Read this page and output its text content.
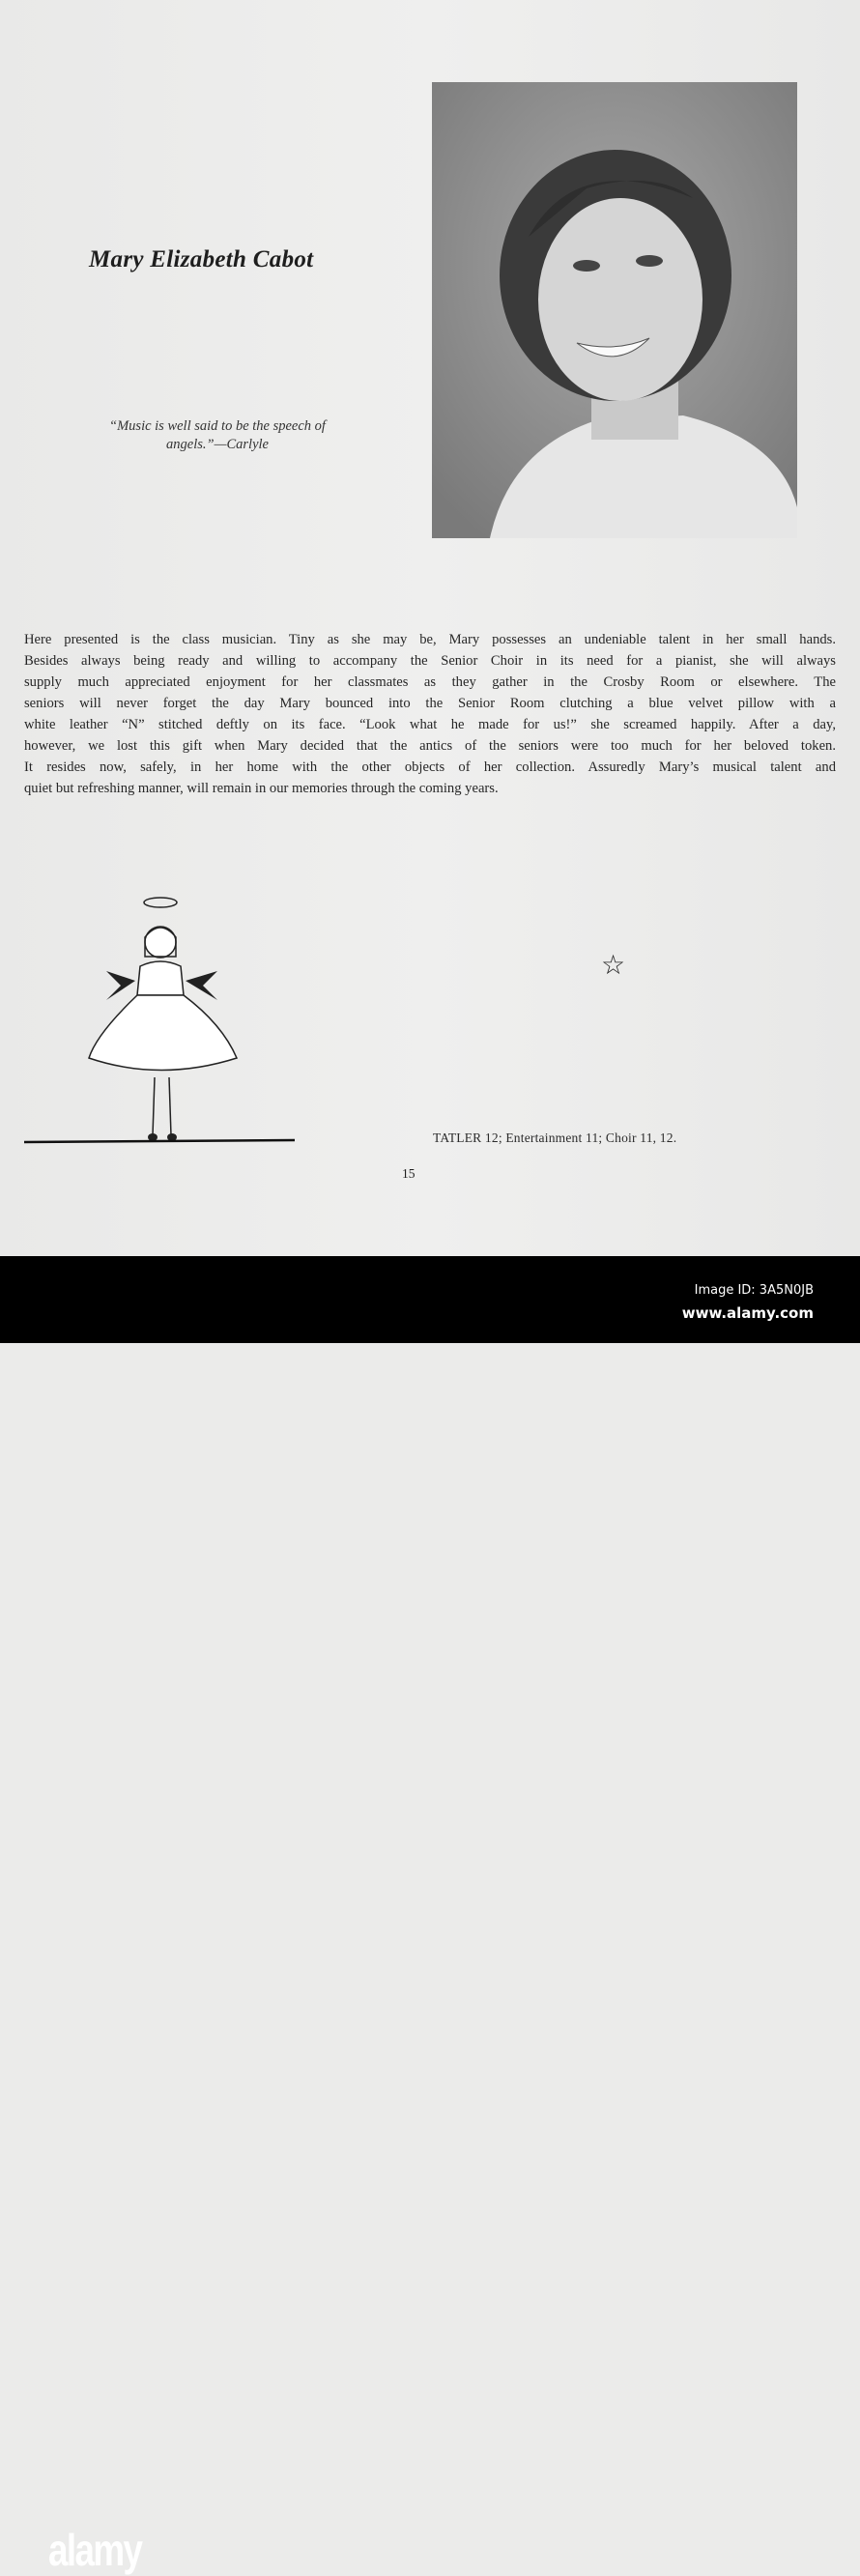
Mary Elizabeth Cabot
“Music is well said to be the speech of
angels.”—Carlyle
Here presented is the class musician. Tiny as she may be, Mary possesses an undeniable talent in her small hands.
Besides always being ready and willing to accompany the Senior Choir in its need for a pianist, she will always
supply much appreciated enjoyment for her classmates as they gather in the Crosby Room or elsewhere. The
seniors will never forget the day Mary bounced into the Senior Room clutching a blue velvet pillow with a
white leather “N” stitched deftly on its face. “Look what he made for us!” she screamed happily. After a day,
however, we lost this gift when Mary decided that the antics of the seniors were too much for her beloved token.
It resides now, safely, in her home with the other objects of her collection. Assuredly Mary’s musical talent and
quiet but refreshing manner, will remain in our memories through the coming years.
☆
TATLER 12; Entertainment 11; Choir 11, 12.
15
alamy
Image ID: 3A5N0JB
www.alamy.com
